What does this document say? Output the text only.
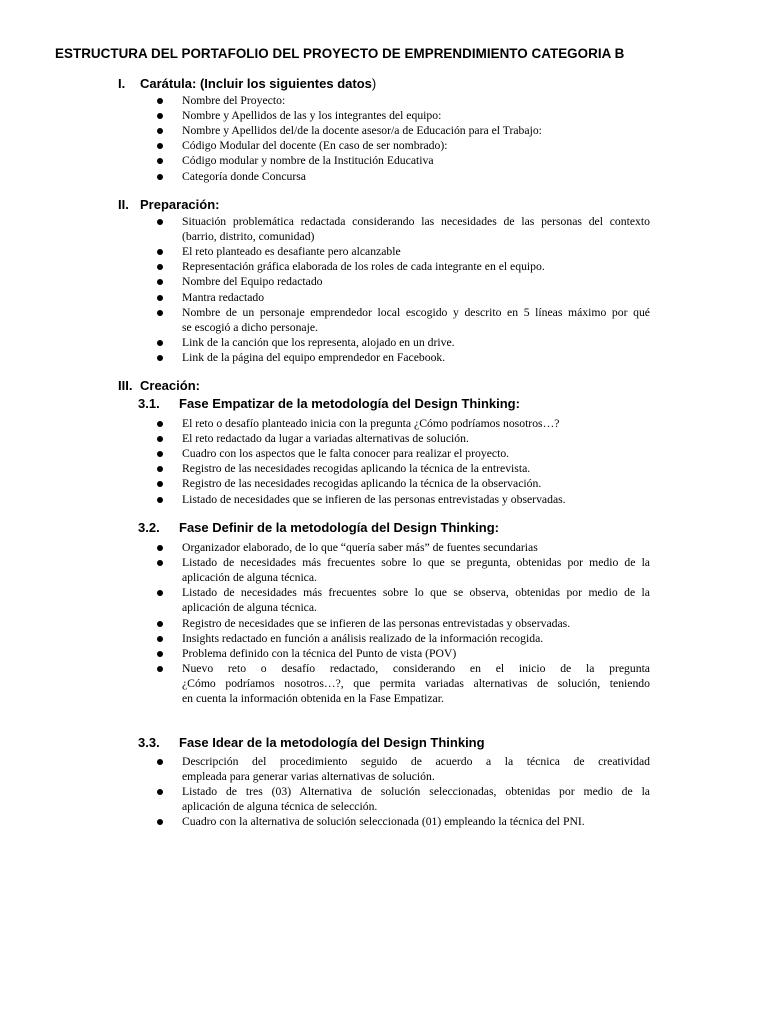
ESTRUCTURA DEL PORTAFOLIO DEL PROYECTO DE EMPRENDIMIENTO CATEGORIA B
I. Carátula: (Incluir los siguientes datos)
Nombre del Proyecto:
Nombre y Apellidos de las y los integrantes del equipo:
Nombre y Apellidos del/de la docente asesor/a de Educación para el Trabajo:
Código Modular del docente (En caso de ser nombrado):
Código modular y nombre de la Institución Educativa
Categoría donde Concursa
II. Preparación:
Situación problemática redactada considerando las necesidades de las personas del contexto
(barrio, distrito, comunidad)
El reto planteado es desafiante pero alcanzable
Representación gráfica elaborada de los roles de cada integrante en el equipo.
Nombre del Equipo redactado
Mantra redactado
Nombre de un personaje emprendedor local escogido y descrito en 5 líneas máximo por qué
se escogió a dicho personaje.
Link de la canción que los representa, alojado en un drive.
Link de la página del equipo emprendedor en Facebook.
III. Creación:
3.1. Fase Empatizar de la metodología del Design Thinking:
El reto o desafío planteado inicia con la pregunta ¿Cómo podríamos nosotros…?
El reto redactado da lugar a variadas alternativas de solución.
Cuadro con los aspectos que le falta conocer para realizar el proyecto.
Registro de las necesidades recogidas aplicando la técnica de la entrevista.
Registro de las necesidades recogidas aplicando la técnica de la observación.
Listado de necesidades que se infieren de las personas entrevistadas y observadas.
3.2. Fase Definir de la metodología del Design Thinking:
Organizador elaborado, de lo que “quería saber más” de fuentes secundarias
Listado de necesidades más frecuentes sobre lo que se pregunta, obtenidas por medio de la
aplicación de alguna técnica.
Listado de necesidades más frecuentes sobre lo que se observa, obtenidas por medio de la
aplicación de alguna técnica.
Registro de necesidades que se infieren de las personas entrevistadas y observadas.
Insights redactado en función a análisis realizado de la información recogida.
Problema definido con la técnica del Punto de vista (POV)
Nuevo reto o desafío redactado, considerando en el inicio de la pregunta
¿Cómo podríamos nosotros…?, que permita variadas alternativas de solución, teniendo
en cuenta la información obtenida en la Fase Empatizar.
3.3. Fase Idear de la metodología del Design Thinking
Descripción del procedimiento seguido de acuerdo a la técnica de creatividad
empleada para generar varias alternativas de solución.
Listado de tres (03) Alternativa de solución seleccionadas, obtenidas por medio de la
aplicación de alguna técnica de selección.
Cuadro con la alternativa de solución seleccionada (01) empleando la técnica del PNI.
